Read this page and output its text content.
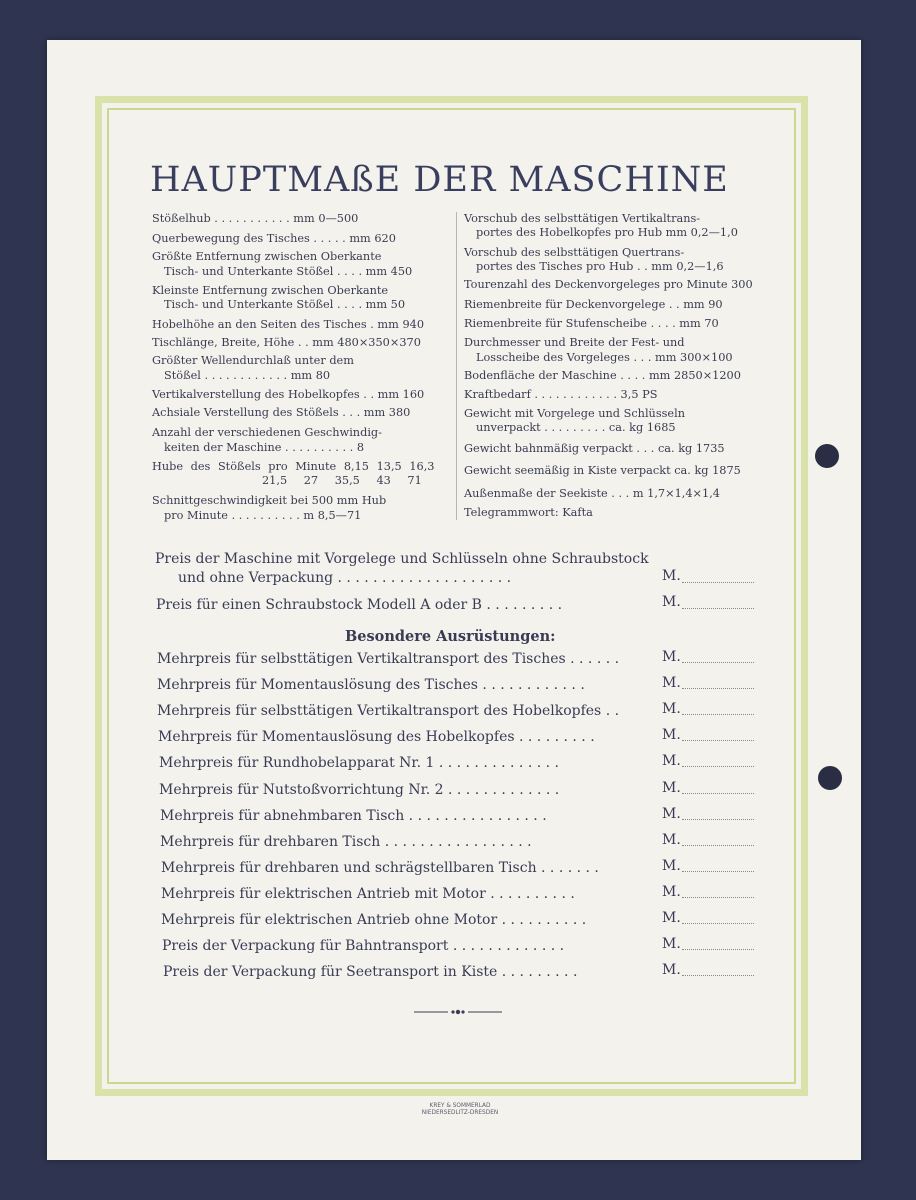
HAUPTMAßE DER MASCHINE
Stößelhub . . . . . . . . . . . mm 0—500
Querbewegung des Tisches . . . . . mm 620
Größte Entfernung zwischen Oberkante
Tisch- und Unterkante Stößel . . . . mm 450
Kleinste Entfernung zwischen Oberkante
Tisch- und Unterkante Stößel . . . . mm 50
Hobelhöhe an den Seiten des Tisches . mm 940
Tischlänge, Breite, Höhe . . mm 480×350×370
Größter Wellendurchlaß unter dem
Stößel . . . . . . . . . . . . mm 80
Vertikalverstellung des Hobelkopfes . . mm 160
Achsiale Verstellung des Stößels . . . mm 380
Anzahl der verschiedenen Geschwindig-
keiten der Maschine . . . . . . . . . . 8
Hube des Stößels pro Minute 8,15 13,5 16,3
21,5 27 35,5 43 71
Schnittgeschwindigkeit bei 500 mm Hub
pro Minute . . . . . . . . . . m 8,5—71
Vorschub des selbsttätigen Vertikaltrans-
portes des Hobelkopfes pro Hub mm 0,2—1,0
Vorschub des selbsttätigen Quertrans-
portes des Tisches pro Hub . . mm 0,2—1,6
Tourenzahl des Deckenvorgeleges pro Minute 300
Riemenbreite für Deckenvorgelege . . mm 90
Riemenbreite für Stufenscheibe . . . . mm 70
Durchmesser und Breite der Fest- und
Losscheibe des Vorgeleges . . . mm 300×100
Bodenfläche der Maschine . . . . mm 2850×1200
Kraftbedarf . . . . . . . . . . . . 3,5 PS
Gewicht mit Vorgelege und Schlüsseln
unverpackt . . . . . . . . . ca. kg 1685
Gewicht bahnmäßig verpackt . . . ca. kg 1735
Gewicht seemäßig in Kiste verpackt ca. kg 1875
Außenmaße der Seekiste . . . m 1,7×1,4×1,4
Telegrammwort: Kafta
Preis der Maschine mit Vorgelege und Schlüsseln ohne Schraubstock
und ohne Verpackung . . . . . . . . . . . . . . . . . . . .	M.
Preis für einen Schraubstock Modell A oder B . . . . . . . . .	M.
Besondere Ausrüstungen:
Mehrpreis für selbsttätigen Vertikaltransport des Tisches . . . . . .	M.
Mehrpreis für Momentauslösung des Tisches . . . . . . . . . . . .	M.
Mehrpreis für selbsttätigen Vertikaltransport des Hobelkopfes . .	M.
Mehrpreis für Momentauslösung des Hobelkopfes . . . . . . . . .	M.
Mehrpreis für Rundhobelapparat Nr. 1 . . . . . . . . . . . . . .	M.
Mehrpreis für Nutstoßvorrichtung Nr. 2 . . . . . . . . . . . . .	M.
Mehrpreis für abnehmbaren Tisch . . . . . . . . . . . . . . . .	M.
Mehrpreis für drehbaren Tisch . . . . . . . . . . . . . . . . .	M.
Mehrpreis für drehbaren und schrägstellbaren Tisch . . . . . . .	M.
Mehrpreis für elektrischen Antrieb mit Motor . . . . . . . . . .	M.
Mehrpreis für elektrischen Antrieb ohne Motor . . . . . . . . . .	M.
Preis der Verpackung für Bahntransport . . . . . . . . . . . . .	M.
Preis der Verpackung für Seetransport in Kiste . . . . . . . . .	M.
KREY & SOMMERLAD
NIEDERSEDLITZ-DRESDEN
